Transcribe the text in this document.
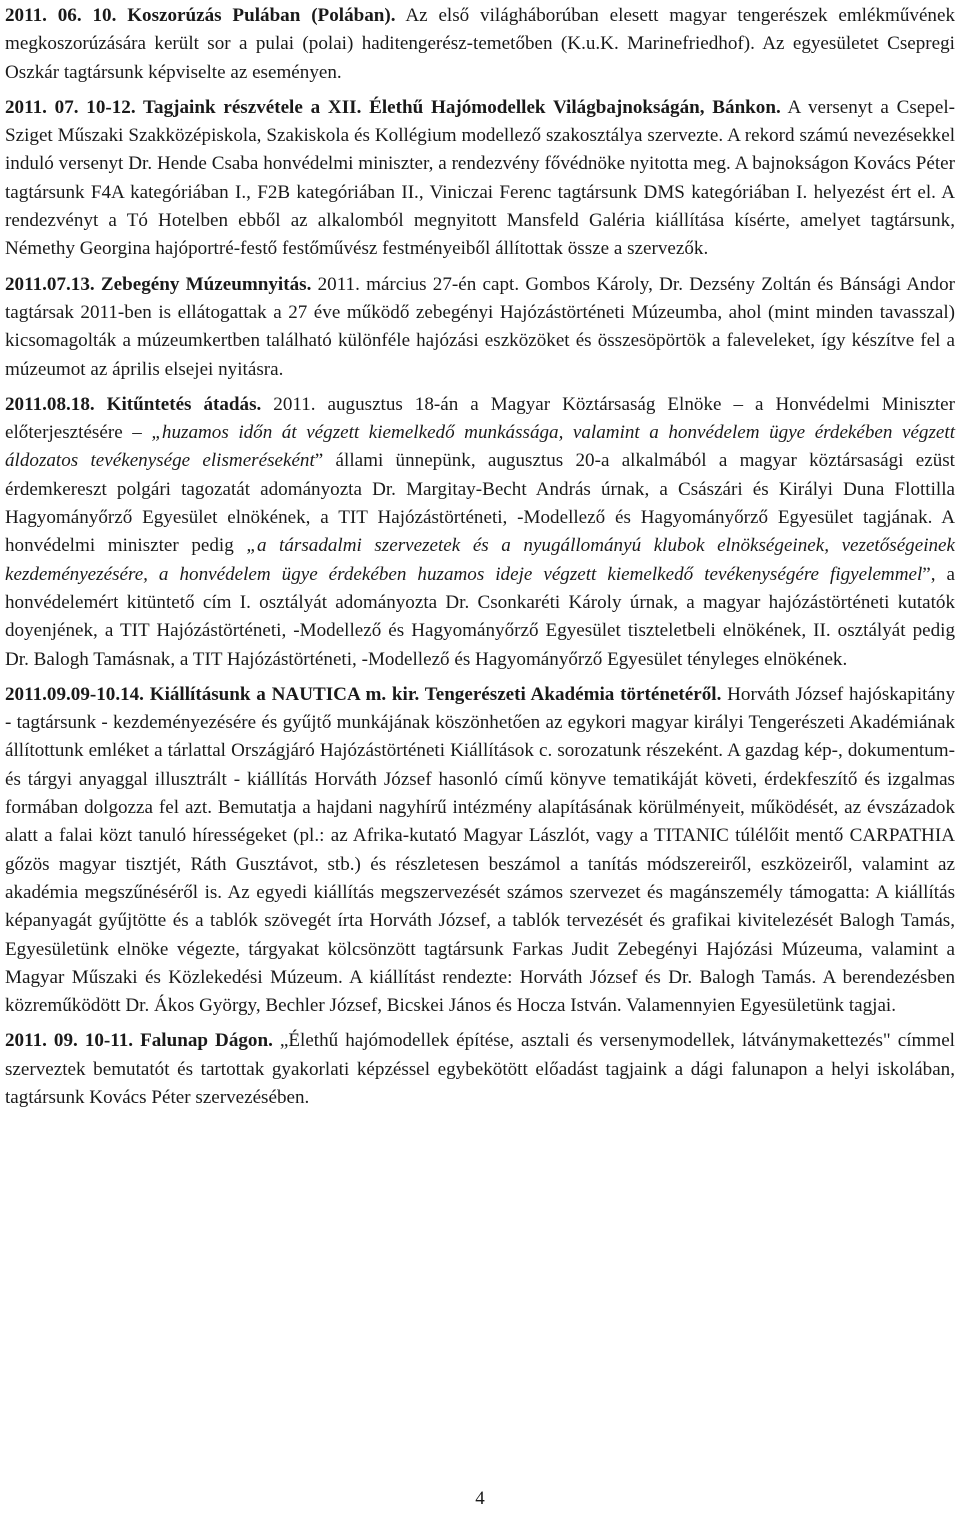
2011. 06. 10. Koszorúzás Pulában (Polában). Az első világháborúban elesett magyar tengerészek emlékművének megkoszorúzására került sor a pulai (polai) haditengerész-temetőben (K.u.K. Marinefriedhof). Az egyesületet Csepregi Oszkár tagtársunk képviselte az eseményen.

2011. 07. 10-12. Tagjaink részvétele a XII. Élethű Hajómodellek Világbajnokságán, Bánkon. A versenyt a Csepel-Sziget Műszaki Szakközépiskola, Szakiskola és Kollégium modellező szakosztálya szervezte. A rekord számú nevezésekkel induló versenyt Dr. Hende Csaba honvédelmi miniszter, a rendezvény fővédnöke nyitotta meg. A bajnokságon Kovács Péter tagtársunk F4A kategóriában I., F2B kategóriában II., Viniczai Ferenc tagtársunk DMS kategóriában I. helyezést ért el. A rendezvényt a Tó Hotelben ebből az alkalomból megnyitott Mansfeld Galéria kiállítása kísérte, amelyet tagtársunk, Némethy Georgina hajóportré-festő festőművész festményeiből állítottak össze a szervezők.

2011.07.13. Zebegény Múzeumnyitás. 2011. március 27-én capt. Gombos Károly, Dr. Dezsény Zoltán és Bánsági Andor tagtársak 2011-ben is ellátogattak a 27 éve működő zebegényi Hajózástörténeti Múzeumba, ahol (mint minden tavasszal) kicsomagolták a múzeumkertben található különféle hajózási eszközöket és összesöpörtök a faleveleket, így készítve fel a múzeumot az április elsejei nyitásra.

2011.08.18. Kitűntetés átadás. 2011. augusztus 18-án a Magyar Köztársaság Elnöke – a Honvédelmi Miniszter előterjesztésére – „huzamos időn át végzett kiemelkedő munkássága, valamint a honvédelem ügye érdekében végzett áldozatos tevékenysége elismeréseként” állami ünnepünk, augusztus 20-a alkalmából a magyar köztársasági ezüst érdemkereszt polgári tagozatát adományozta Dr. Margitay-Becht András úrnak, a Császári és Királyi Duna Flottilla Hagyományőrző Egyesület elnökének, a TIT Hajózástörténeti, -Modellező és Hagyományőrző Egyesület tagjának. A honvédelmi miniszter pedig „a társadalmi szervezetek és a nyugállományú klubok elnökségeinek, vezetőségeinek kezdeményezésére, a honvédelem ügye érdekében huzamos ideje végzett kiemelkedő tevékenységére figyelemmel”, a honvédelemért kitüntető cím I. osztályát adományozta Dr. Csonkaréti Károly úrnak, a magyar hajózástörténeti kutatók doyenjének, a TIT Hajózástörténeti, -Modellező és Hagyományőrző Egyesület tiszteletbeli elnökének, II. osztályát pedig Dr. Balogh Tamásnak, a TIT Hajózástörténeti, -Modellező és Hagyományőrző Egyesület tényleges elnökének.

2011.09.09-10.14. Kiállításunk a NAUTICA m. kir. Tengerészeti Akadémia történetéről. Horváth József hajóskapitány - tagtársunk - kezdeményezésére és gyűjtő munkájának köszönhetően az egykori magyar királyi Tengerészeti Akadémiának állítottunk emléket a tárlattal Országjáró Hajózástörténeti Kiállítások c. sorozatunk részeként. A gazdag kép-, dokumentum- és tárgyi anyaggal illusztrált - kiállítás Horváth József hasonló című könyve tematikáját követi, érdekfeszítő és izgalmas formában dolgozza fel azt. Bemutatja a hajdani nagyhírű intézmény alapításának körülményeit, működését, az évszázadok alatt a falai közt tanuló hírességeket (pl.: az Afrika-kutató Magyar Lászlót, vagy a TITANIC túlélőit mentő CARPATHIA gőzös magyar tisztjét, Ráth Gusztávot, stb.) és részletesen beszámol a tanítás módszereiről, eszközeiről, valamint az akadémia megszűnéséről is. Az egyedi kiállítás megszervezését számos szervezet és magánszemély támogatta: A kiállítás képanyagát gyűjtötte és a tablók szövegét írta Horváth József, a tablók tervezését és grafikai kivitelezését Balogh Tamás, Egyesületünk elnöke végezte, tárgyakat kölcsönzött tagtársunk Farkas Judit Zebegényi Hajózási Múzeuma, valamint a Magyar Műszaki és Közlekedési Múzeum. A kiállítást rendezte: Horváth József és Dr. Balogh Tamás. A berendezésben közreműködött Dr. Ákos György, Bechler József, Bicskei János és Hocza István. Valamennyien Egyesületünk tagjai.

2011. 09. 10-11. Falunap Dágon. „Élethű hajómodellek építése, asztali és versenymodellek, látványmakettezés" címmel szerveztek bemutatót és tartottak gyakorlati képzéssel egybekötött előadást tagjaink a dági falunapon a helyi iskolában, tagtársunk Kovács Péter szervezésében.

4
